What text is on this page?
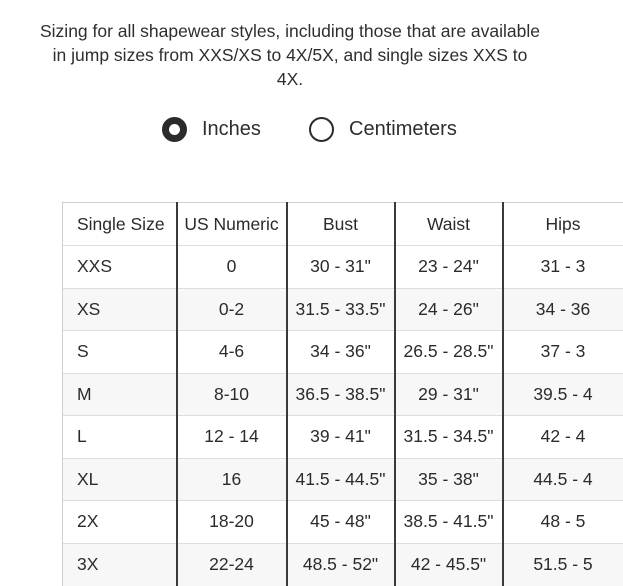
Sizing for all shapewear styles, including those that are available in jump sizes from XXS/XS to 4X/5X, and single sizes XXS to 4X.
Inches	Centimeters
Single Size	US Numeric	Bust	Waist	Hips
XXS	0	30 - 31"	23 - 24"	31 - 3
XS	0-2	31.5 - 33.5"	24 - 26"	34 - 36
S	4-6	34 - 36"	26.5 - 28.5"	37 - 3
M	8-10	36.5 - 38.5"	29 - 31"	39.5 - 4
L	12 - 14	39 - 41"	31.5 - 34.5"	42 - 4
XL	16	41.5 - 44.5"	35 - 38"	44.5 - 4
2X	18-20	45 - 48"	38.5 - 41.5"	48 - 5
3X	22-24	48.5 - 52"	42 - 45.5"	51.5 - 5
